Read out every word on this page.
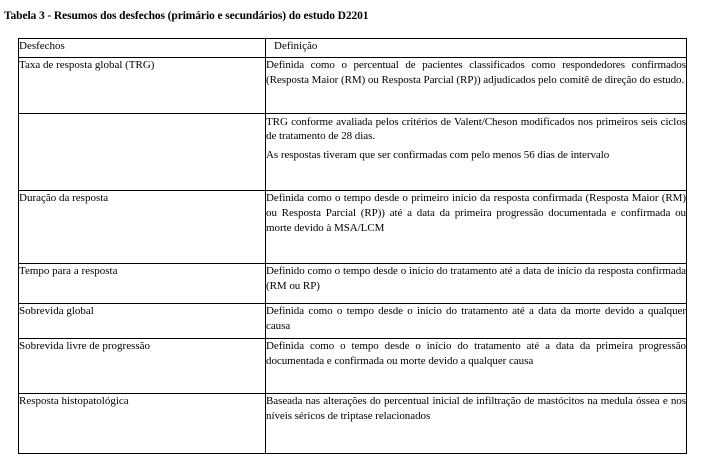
Tabela 3 - Resumos dos desfechos (primário e secundários) do estudo D2201
Desfechos	Definição
Taxa de resposta global (TRG)	Definida como o percentual de pacientes classificados como respondedores confirmados (Resposta Maior (RM) ou Resposta Parcial (RP)) adjudicados pelo comitê de direção do estudo.

	TRG conforme avaliada pelos critérios de Valent/Cheson modificados nos primeiros seis ciclos de tratamento de 28 dias.

As respostas tiveram que ser confirmadas com pelo menos 56 dias de intervalo

Duração da resposta	Definida como o tempo desde o primeiro início da resposta confirmada (Resposta Maior (RM) ou Resposta Parcial (RP)) até a data da primeira progressão documentada e confirmada ou morte devido à MSA/LCM
Tempo para a resposta	Definido como o tempo desde o início do tratamento até a data de início da resposta confirmada (RM ou RP)
Sobrevida global	Definida como o tempo desde o início do tratamento até a data da morte devido a qualquer causa
Sobrevida livre de progressão	Definida como o tempo desde o início do tratamento até a data da primeira progressão documentada e confirmada ou morte devido a qualquer causa
Resposta histopatológica	Baseada nas alterações do percentual inicial de infiltração de mastócitos na medula óssea e nos níveis séricos de triptase relacionados
